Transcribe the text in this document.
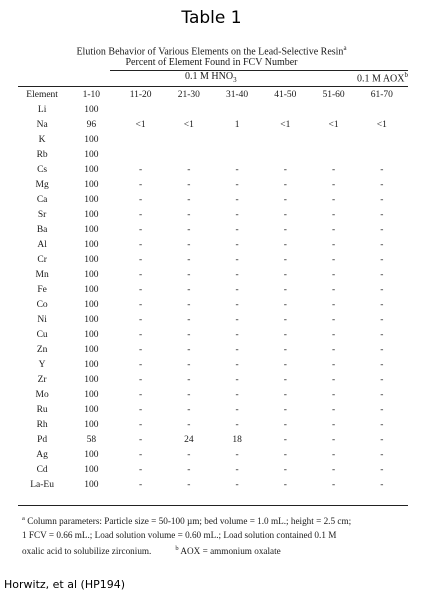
Table 1
Elution Behavior of Various Elements on the Lead-Selective Resin$^a$
Percent of Element Found in FCV Number
0.1 M $HNO_3$	0.1 M AOX$^b$
Element	1-10	11-20	21-30	31-40	41-50	51-60	61-70
Li	100						
Na	96	<1	<1	1	<1	<1	<1
K	100						
Rb	100						
Cs	100	-	-	-	-	-	-
Mg	100	-	-	-	-	-	-
Ca	100	-	-	-	-	-	-
Sr	100	-	-	-	-	-	-
Ba	100	-	-	-	-	-	-
Al	100	-	-	-	-	-	-
Cr	100	-	-	-	-	-	-
Mn	100	-	-	-	-	-	-
Fe	100	-	-	-	-	-	-
Co	100	-	-	-	-	-	-
Ni	100	-	-	-	-	-	-
Cu	100	-	-	-	-	-	-
Zn	100	-	-	-	-	-	-
Y	100	-	-	-	-	-	-
Zr	100	-	-	-	-	-	-
Mo	100	-	-	-	-	-	-
Ru	100	-	-	-	-	-	-
Rh	100	-	-	-	-	-	-
Pd	58	-	24	18	-	-	-
Ag	100	-	-	-	-	-	-
Cd	100	-	-	-	-	-	-
La-Eu	100	-	-	-	-	-	-
$^a$ Column parameters: Particle size = 50-100 µm; bed volume = 1.0 mL.; height = 2.5 cm;
1 FCV = 0.66 mL.; Load solution volume = 0.60 mL.; Load solution contained 0.1 M
oxalic acid to solubilize zirconium.	$^b$ AOX = ammonium oxalate
Horwitz, et al (HP194)
